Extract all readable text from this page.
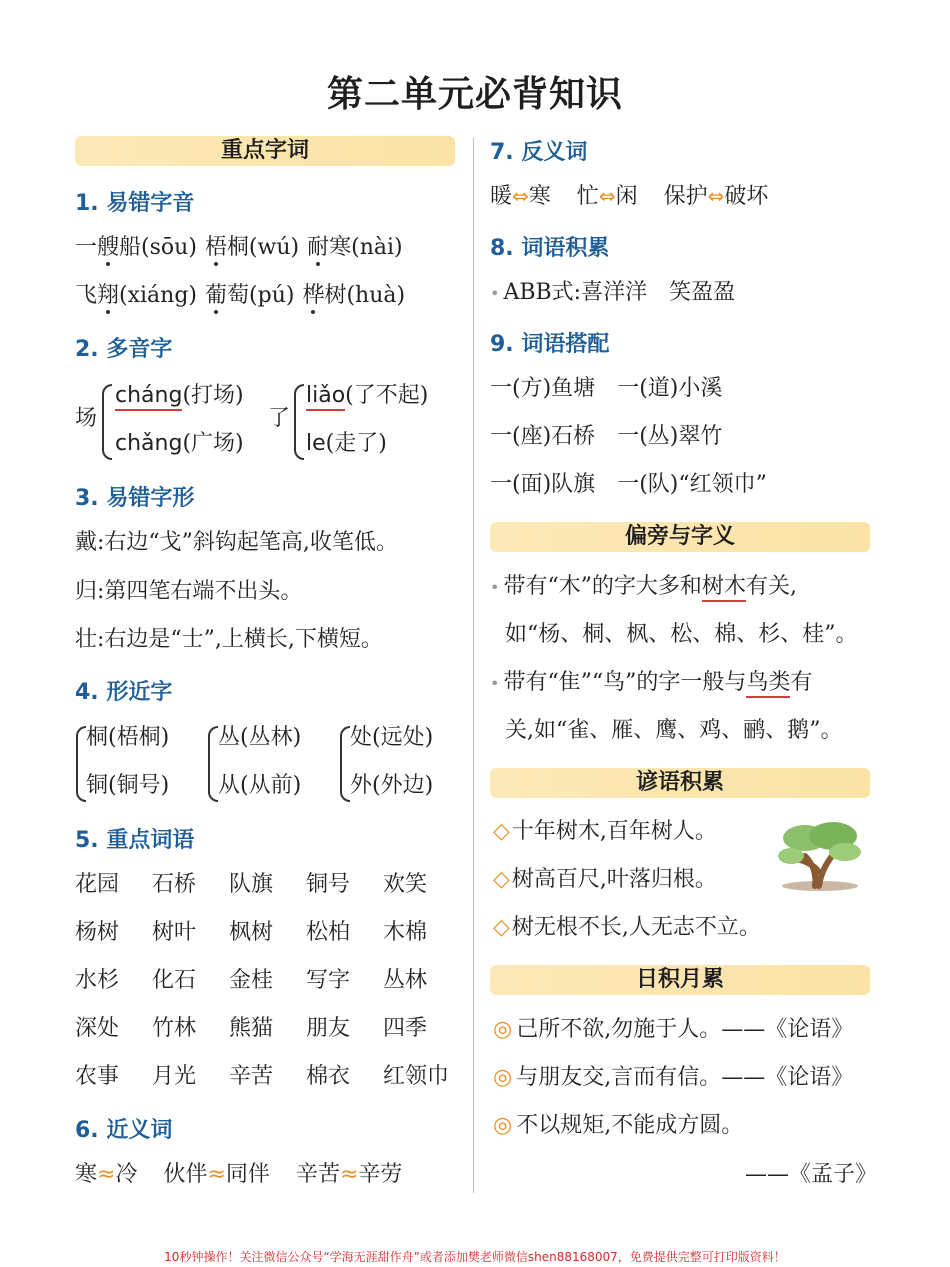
第二单元必背知识
重点字词
1. 易错字音
一艘船(sōu) 梧桐(wú) 耐寒(nài)
飞翔(xiáng) 葡萄(pú) 桦树(huà)
2. 多音字
场
cháng(打场)
chǎng(广场)
了
liǎo(了不起)
le(走了)
3. 易错字形
戴:右边“戈”斜钩起笔高,收笔低。
归:第四笔右端不出头。
壮:右边是“士”,上横长,下横短。
4. 形近字
桐(梧桐)
铜(铜号)
丛(丛林)
从(从前)
处(远处)
外(外边)
5. 重点词语
花园	石桥	队旗	铜号	欢笑
杨树	树叶	枫树	松柏	木棉
水杉	化石	金桂	写字	丛林
深处	竹林	熊猫	朋友	四季
农事	月光	辛苦	棉衣	红领巾
6. 近义词
寒≈冷 伙伴≈同伴 辛苦≈辛劳
7. 反义词
暖⇔寒 忙⇔闲 保护⇔破坏
8. 词语积累
• ABB式:喜洋洋　笑盈盈
9. 词语搭配
一(方)鱼塘　 一(道)小溪
一(座)石桥　 一(丛)翠竹
一(面)队旗　 一(队)“红领巾”
偏旁与字义
• 带有“木”的字大多和树木有关,
如“杨、桐、枫、松、棉、杉、桂”。
• 带有“隹”“鸟”的字一般与鸟类有
关,如“雀、雁、鹰、鸡、鹂、鹅”。
谚语积累
◇十年树木,百年树人。
◇树高百尺,叶落归根。
◇树无根不长,人无志不立。
日积月累
◎ 己所不欲,勿施于人。——《论语》
◎ 与朋友交,言而有信。——《论语》
◎ 不以规矩,不能成方圆。
——《孟子》
10秒钟操作！关注微信公众号“学海无涯甜作舟”或者添加樊老师微信shen88168007，免费提供完整可打印版资料！
